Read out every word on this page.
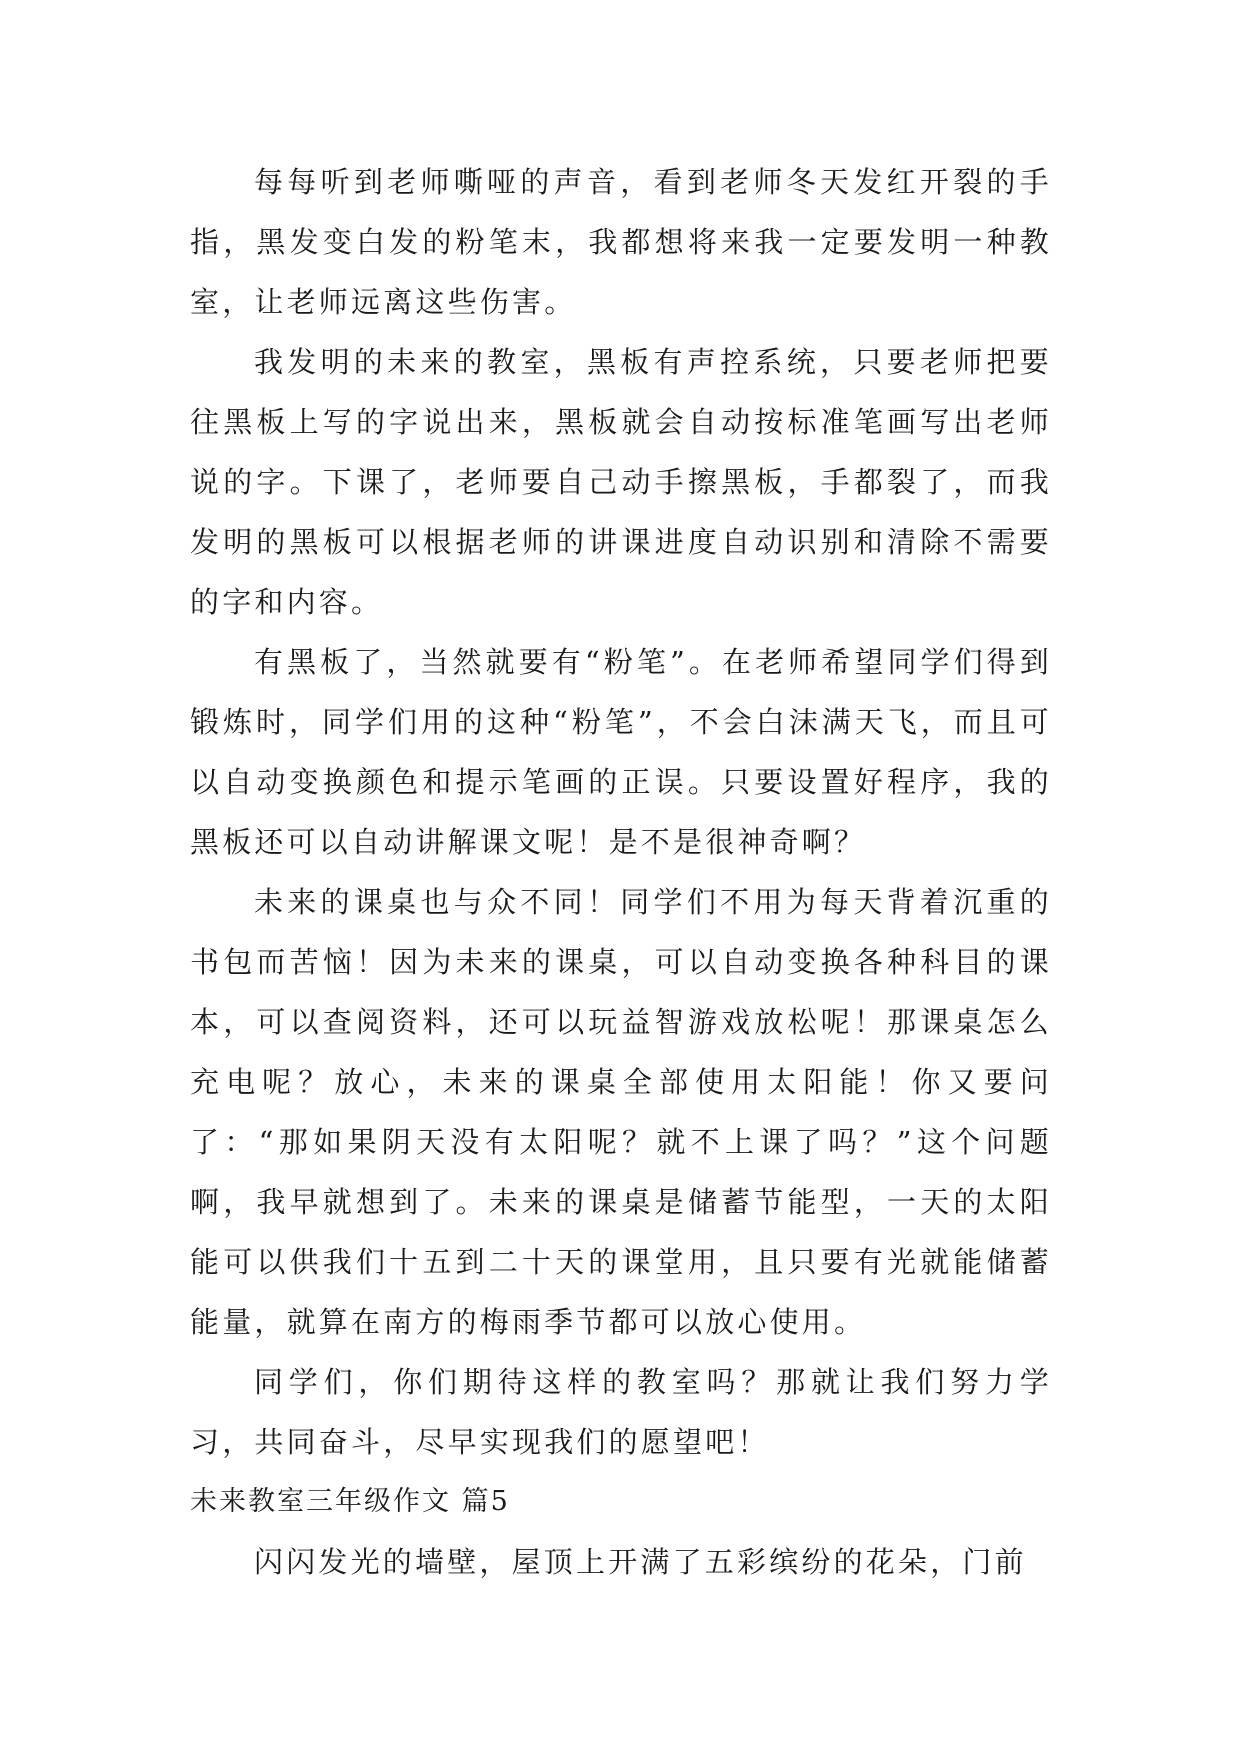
每每听到老师嘶哑的声音，看到老师冬天发红开裂的手指，黑发变白发的粉笔末，我都想将来我一定要发明一种教室，让老师远离这些伤害。

我发明的未来的教室，黑板有声控系统，只要老师把要往黑板上写的字说出来，黑板就会自动按标准笔画写出老师说的字。下课了，老师要自己动手擦黑板，手都裂了，而我发明的黑板可以根据老师的讲课进度自动识别和清除不需要的字和内容。

有黑板了，当然就要有“粉笔”。在老师希望同学们得到锻炼时，同学们用的这种“粉笔”，不会白沫满天飞，而且可以自动变换颜色和提示笔画的正误。只要设置好程序，我的黑板还可以自动讲解课文呢！是不是很神奇啊？

未来的课桌也与众不同！同学们不用为每天背着沉重的书包而苦恼！因为未来的课桌，可以自动变换各种科目的课本，可以查阅资料，还可以玩益智游戏放松呢！那课桌怎么充电呢？放心，未来的课桌全部使用太阳能！你又要问了：“那如果阴天没有太阳呢？就不上课了吗？”这个问题啊，我早就想到了。未来的课桌是储蓄节能型，一天的太阳能可以供我们十五到二十天的课堂用，且只要有光就能储蓄能量，就算在南方的梅雨季节都可以放心使用。

同学们，你们期待这样的教室吗？那就让我们努力学习，共同奋斗，尽早实现我们的愿望吧！

未来教室三年级作文 篇5

闪闪发光的墙壁，屋顶上开满了五彩缤纷的花朵，门前
